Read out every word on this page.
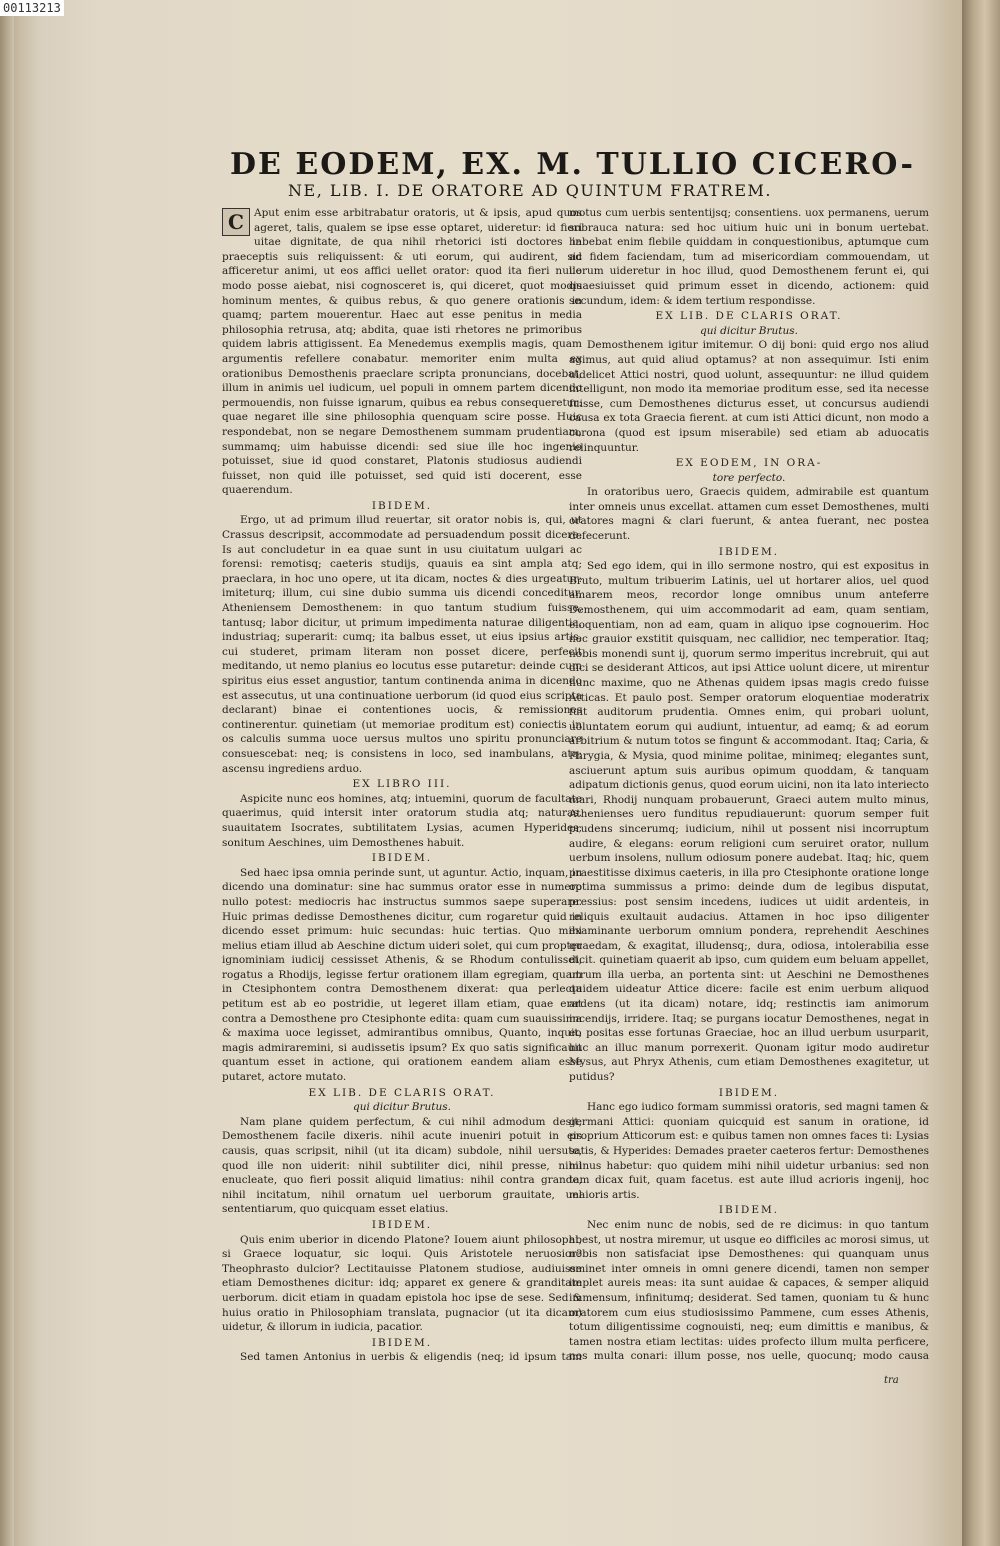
00113213
DE EODEM, EX. M. TULLIO CICERO-
NE, LIB. I. DE ORATORE AD QUINTUM FRATREM.
C Aput enim esse arbitrabatur oratoris, ut & ipsis, apud quos ageret, talis, qualem se ipse esse optaret, uideretur: id fieri uitae dignitate, de qua nihil rhetorici isti doctores in praeceptis suis reliquissent: & uti eorum, qui audirent, sic afficeretur animi, ut eos affici uellet orator: quod ita fieri nullo modo posse aiebat, nisi cognosceret is, qui diceret, quot modis hominum mentes, & quibus rebus, & quo genere orationis in quamq; partem mouerentur. Haec aut esse penitus in media philosophia retrusa, atq; abdita, quae isti rhetores ne primoribus quidem labris attigissent. Ea Menedemus exemplis magis, quam argumentis refellere conabatur. memoriter enim multa ex orationibus Demosthenis praeclare scripta pronuncians, docebat, illum in animis uel iudicum, uel populi in omnem partem dicendo permouendis, non fuisse ignarum, quibus ea rebus consequeretur: quae negaret ille sine philosophia quenquam scire posse. Huic respondebat, non se negare Demosthenem summam prudentiam, summamq; uim habuisse dicendi: sed siue ille hoc ingenio potuisset, siue id quod constaret, Platonis studiosus audiendi fuisset, non quid ille potuisset, sed quid isti docerent, esse quaerendum.

IBIDEM.

Ergo, ut ad primum illud reuertar, sit orator nobis is, qui, ut Crassus descripsit, accommodate ad persuadendum possit dicere. Is aut concludetur in ea quae sunt in usu ciuitatum uulgari ac forensi: remotisq; caeteris studijs, quauis ea sint ampla atq; praeclara, in hoc uno opere, ut ita dicam, noctes & dies urgeatur: imiteturq; illum, cui sine dubio summa uis dicendi conceditur, Atheniensem Demosthenem: in quo tantum studium fuisse, tantusq; labor dicitur, ut primum impedimenta naturae diligentia, industriaq; superarit: cumq; ita balbus esset, ut eius ipsius artis, cui studeret, primam literam non posset dicere, perfecit meditando, ut nemo planius eo locutus esse putaretur: deinde cum spiritus eius esset angustior, tantum continenda anima in dicendo est assecutus, ut una continuatione uerborum (id quod eius scripta declarant) binae ei contentiones uocis, & remissiones continerentur. quinetiam (ut memoriae proditum est) coniectis in os calculis summa uoce uersus multos uno spiritu pronunciare consuescebat: neq; is consistens in loco, sed inambulans, atq; ascensu ingrediens arduo.

EX LIBRO III.

Aspicite nunc eos homines, atq; intuemini, quorum de facultate quaerimus, quid intersit inter oratorum studia atq; naturas. suauitatem Isocrates, subtilitatem Lysias, acumen Hyperides, sonitum Aeschines, uim Demosthenes habuit.

IBIDEM.

Sed haec ipsa omnia perinde sunt, ut aguntur. Actio, inquam, in dicendo una dominatur: sine hac summus orator esse in numero nullo potest: mediocris hac instructus summos saepe superare. Huic primas dedisse Demosthenes dicitur, cum rogaretur quid in dicendo esset primum: huic secundas: huic tertias. Quo mihi melius etiam illud ab Aeschine dictum uideri solet, qui cum propter ignominiam iudicij cessisset Athenis, & se Rhodum contulisset, rogatus a Rhodijs, legisse fertur orationem illam egregiam, quam in Ctesiphontem contra Demosthenem dixerat: qua perlecta petitum est ab eo postridie, ut legeret illam etiam, quae erat contra a Demosthene pro Ctesiphonte edita: quam cum suauissima & maxima uoce legisset, admirantibus omnibus, Quanto, inquit, magis admiraremini, si audissetis ipsum? Ex quo satis significauit quantum esset in actione, qui orationem eandem aliam esse putaret, actore mutato.

EX LIB. DE CLARIS ORAT.

qui dicitur Brutus.

Nam plane quidem perfectum, & cui nihil admodum desit, Demosthenem facile dixeris. nihil acute inueniri potuit in eis causis, quas scripsit, nihil (ut ita dicam) subdole, nihil uersute, quod ille non uiderit: nihil subtiliter dici, nihil presse, nihil enucleate, quo fieri possit aliquid limatius: nihil contra grande, nihil incitatum, nihil ornatum uel uerborum grauitate, uel sententiarum, quo quicquam esset elatius.

IBIDEM.

Quis enim uberior in dicendo Platone? Iouem aiunt philosophi, si Graece loquatur, sic loqui. Quis Aristotele neruosior? Theophrasto dulcior? Lectitauisse Platonem studiose, audiuisse etiam Demosthenes dicitur: idq; apparet ex genere & granditate uerborum. dicit etiam in quadam epistola hoc ipse de sese. Sed & huius oratio in Philosophiam translata, pugnacior (ut ita dicam) uidetur, & illorum in iudicia, pacatior.

IBIDEM.

Sed tamen Antonius in uerbis & eligendis (neq; id ipsum tam

motus cum uerbis sententijsq; consentiens. uox permanens, uerum subrauca natura: sed hoc uitium huic uni in bonum uertebat. habebat enim flebile quiddam in conquestionibus, aptumque cum ad fidem faciendam, tum ad misericordiam commouendam, ut uerum uideretur in hoc illud, quod Demosthenem ferunt ei, qui quaesiuisset quid primum esset in dicendo, actionem: quid secundum, idem: & idem tertium respondisse.

EX LIB. DE CLARIS ORAT.

qui dicitur Brutus.

Demosthenem igitur imitemur. O dij boni: quid ergo nos aliud agimus, aut quid aliud optamus? at non assequimur. Isti enim uidelicet Attici nostri, quod uolunt, assequuntur: ne illud quidem intelligunt, non modo ita memoriae proditum esse, sed ita necesse fuisse, cum Demosthenes dicturus esset, ut concursus audiendi causa ex tota Graecia fierent. at cum isti Attici dicunt, non modo a corona (quod est ipsum miserabile) sed etiam ab aduocatis relinquuntur.

EX EODEM, IN ORA-

tore perfecto.

In oratoribus uero, Graecis quidem, admirabile est quantum inter omneis unus excellat. attamen cum esset Demosthenes, multi oratores magni & clari fuerunt, & antea fuerant, nec postea defecerunt.

IBIDEM.

Sed ego idem, qui in illo sermone nostro, qui est expositus in Bruto, multum tribuerim Latinis, uel ut hortarer alios, uel quod amarem meos, recordor longe omnibus unum anteferre Demosthenem, qui uim accommodarit ad eam, quam sentiam, eloquentiam, non ad eam, quam in aliquo ipse cognouerim. Hoc nec grauior exstitit quisquam, nec callidior, nec temperatior. Itaq; nobis monendi sunt ij, quorum sermo imperitus increbruit, qui aut dici se desiderant Atticos, aut ipsi Attice uolunt dicere, ut mirentur hunc maxime, quo ne Athenas quidem ipsas magis credo fuisse Atticas. Et paulo post. Semper oratorum eloquentiae moderatrix fuit auditorum prudentia. Omnes enim, qui probari uolunt, uoluntatem eorum qui audiunt, intuentur, ad eamq; & ad eorum arbitrium & nutum totos se fingunt & accommodant. Itaq; Caria, & Phrygia, & Mysia, quod minime politae, minimeq; elegantes sunt, asciuerunt aptum suis auribus opimum quoddam, & tanquam adipatum dictionis genus, quod eorum uicini, non ita lato interiecto mari, Rhodij nunquam probauerunt, Graeci autem multo minus, Athenienses uero funditus repudiauerunt: quorum semper fuit prudens sincerumq; iudicium, nihil ut possent nisi incorruptum audire, & elegans: eorum religioni cum seruiret orator, nullum uerbum insolens, nullum odiosum ponere audebat. Itaq; hic, quem praestitisse diximus caeteris, in illa pro Ctesiphonte oratione longe optima summissus a primo: deinde dum de legibus disputat, pressius: post sensim incedens, iudices ut uidit ardenteis, in reliquis exultauit audacius. Attamen in hoc ipso diligenter examinante uerborum omnium pondera, reprehendit Aeschines quaedam, & exagitat, illudensq;, dura, odiosa, intolerabilia esse dicit. quinetiam quaerit ab ipso, cum quidem eum beluam appellet, utrum illa uerba, an portenta sint: ut Aeschini ne Demosthenes quidem uideatur Attice dicere: facile est enim uerbum aliquod ardens (ut ita dicam) notare, idq; restinctis iam animorum incendijs, irridere. Itaq; se purgans iocatur Demosthenes, negat in eo positas esse fortunas Graeciae, hoc an illud uerbum usurparit, huc an illuc manum porrexerit. Quonam igitur modo audiretur Mysus, aut Phryx Athenis, cum etiam Demosthenes exagitetur, ut putidus?

IBIDEM.

Hanc ego iudico formam summissi oratoris, sed magni tamen & germani Attici: quoniam quicquid est sanum in oratione, id proprium Atticorum est: e quibus tamen non omnes faces ti: Lysias satis, & Hyperides: Demades praeter caeteros fertur: Demosthenes minus habetur: quo quidem mihi nihil uidetur urbanius: sed non tam dicax fuit, quam facetus. est aute illud acrioris ingenij, hoc maioris artis.

IBIDEM.

Nec enim nunc de nobis, sed de re dicimus: in quo tantum abest, ut nostra miremur, ut usque eo difficiles ac morosi simus, ut nobis non satisfaciat ipse Demosthenes: qui quanquam unus eminet inter omneis in omni genere dicendi, tamen non semper implet aureis meas: ita sunt auidae & capaces, & semper aliquid immensum, infinitumq; desiderat. Sed tamen, quoniam tu & hunc oratorem cum eius studiosissimo Pammene, cum esses Athenis, totum diligentissime cognouisti, neq; eum dimittis e manibus, & tamen nostra etiam lectitas: uides profecto illum multa perficere, nos multa conari: illum posse, nos uelle, quocunq; modo causa

tra
